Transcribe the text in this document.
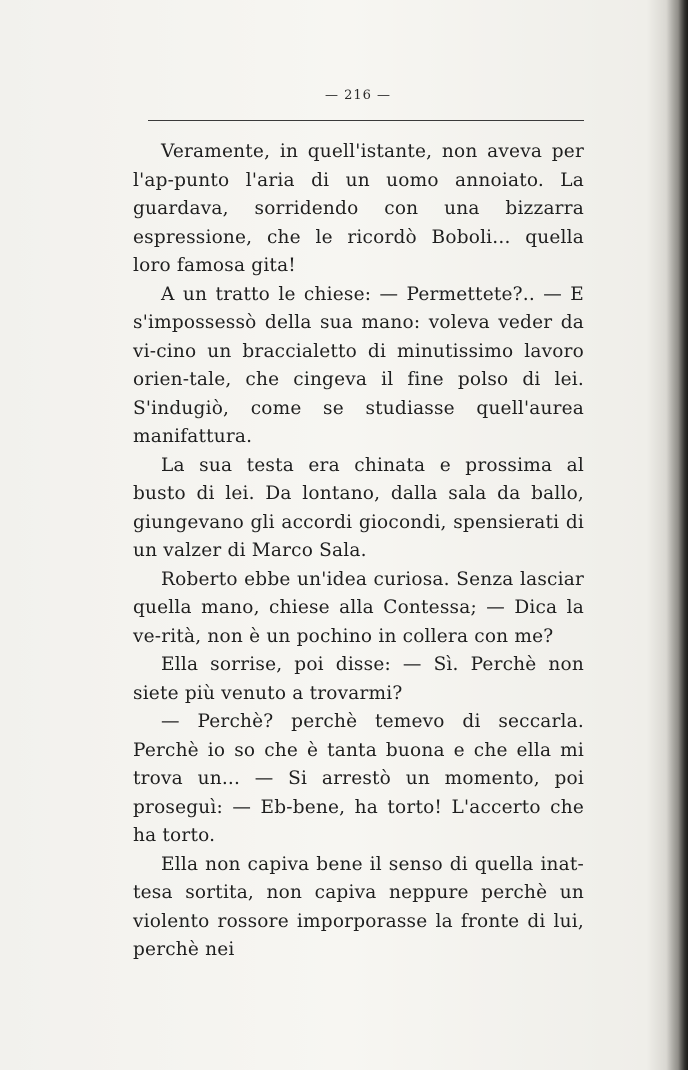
— 216 —

Veramente, in quell'istante, non aveva per l'ap-punto l'aria di un uomo annoiato. La guardava, sorridendo con una bizzarra espressione, che le ricordò Boboli... quella loro famosa gita!

A un tratto le chiese: — Permettete?.. — E s'impossessò della sua mano: voleva veder da vi-cino un braccialetto di minutissimo lavoro orien-tale, che cingeva il fine polso di lei. S'indugiò, come se studiasse quell'aurea manifattura.

La sua testa era chinata e prossima al busto di lei. Da lontano, dalla sala da ballo, giungevano gli accordi giocondi, spensierati di un valzer di Marco Sala.

Roberto ebbe un'idea curiosa. Senza lasciar quella mano, chiese alla Contessa; — Dica la ve-rità, non è un pochino in collera con me?

Ella sorrise, poi disse: — Sì. Perchè non siete più venuto a trovarmi?

— Perchè? perchè temevo di seccarla. Perchè io so che è tanta buona e che ella mi trova un... — Si arrestò un momento, poi proseguì: — Eb-bene, ha torto! L'accerto che ha torto.

Ella non capiva bene il senso di quella inat-tesa sortita, non capiva neppure perchè un violento rossore imporporasse la fronte di lui, perchè nei
